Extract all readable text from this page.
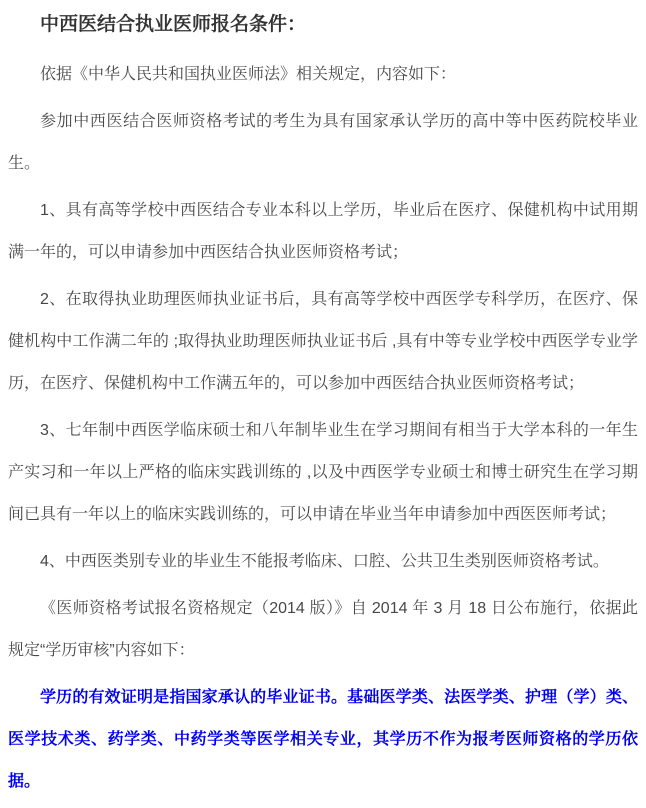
中西医结合执业医师报名条件：

依据《中华人民共和国执业医师法》相关规定，内容如下：

参加中西医结合医师资格考试的考生为具有国家承认学历的高中等中医药院校毕业生。

1、具有高等学校中西医结合专业本科以上学历，毕业后在医疗、保健机构中试用期满一年的，可以申请参加中西医结合执业医师资格考试；

2、在取得执业助理医师执业证书后，具有高等学校中西医学专科学历，在医疗、保健机构中工作满二年的 ;取得执业助理医师执业证书后 ,具有中等专业学校中西医学专业学历，在医疗、保健机构中工作满五年的，可以参加中西医结合执业医师资格考试；

3、七年制中西医学临床硕士和八年制毕业生在学习期间有相当于大学本科的一年生产实习和一年以上严格的临床实践训练的 ,以及中西医学专业硕士和博士研究生在学习期间已具有一年以上的临床实践训练的，可以申请在毕业当年申请参加中西医医师考试；

4、中西医类别专业的毕业生不能报考临床、口腔、公共卫生类别医师资格考试。

《医师资格考试报名资格规定（2014 版）》自 2014 年 3 月 18 日公布施行，依据此规定“学历审核”内容如下：

学历的有效证明是指国家承认的毕业证书。基础医学类、法医学类、护理（学）类、医学技术类、药学类、中药学类等医学相关专业，其学历不作为报考医师资格的学历依据。
